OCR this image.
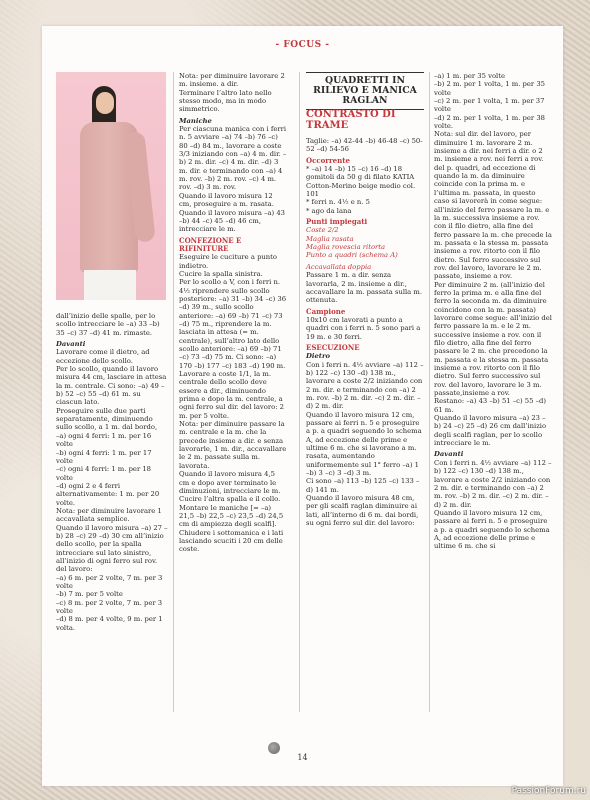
- FOCUS -

dall’inizio delle spalle, per lo scollo intrecciare le –a) 33 –b) 35 –c) 37 –d) 41 m. rimaste.

Davanti

Lavorare come il dietro, ad eccezione dello scollo.

Per lo scollo, quando il lavoro misura 44 cm, lasciare in attesa la m. centrale. Ci sono: –a) 49 –b) 52 –c) 55 –d) 61 m. su ciascun lato.

Proseguire sulle due parti separatamente, diminuendo sullo scollo, a 1 m. dal bordo,

–a) ogni 4 ferri: 1 m. per 16 volte

–b) ogni 4 ferri: 1 m. per 17 volte

–c) ogni 4 ferri: 1 m. per 18 volte

–d) ogni 2 e 4 ferri alternativamente: 1 m. per 20 volte.

Nota: per diminuire lavorare 1 accavallata semplice.

Quando il lavoro misura –a) 27 –b) 28 –c) 29 –d) 30 cm all’inizio dello scollo, per la spalla intrecciare sul lato sinistro, all’inizio di ogni ferro sul rov. del lavoro:

–a) 6 m. per 2 volte, 7 m. per 3 volte

–b) 7 m. per 5 volte

–c) 8 m. per 2 volte, 7 m. per 3 volte

–d) 8 m. per 4 volte, 9 m. per 1 volta.

Nota: per diminuire lavorare 2 m. insieme. a dir.

Terminare l’altro lato nello stesso modo, ma in modo simmetrico.

Maniche

Per ciascuna manica con i ferri n. 5 avviare –a) 74 –b) 76 –c) 80 –d) 84 m., lavorare a coste 3/3 iniziando con –a) 4 m. dir. –b) 2 m. dir. –c) 4 m. dir. –d) 3 m. dir. e terminando con –a) 4 m. rov. –b) 2 m. rov. –c) 4 m. rov. –d) 3 m. rov.

Quando il lavoro misura 12 cm, proseguire a m. rasata.

Quando il lavoro misura –a) 43 –b) 44 –c) 45 –d) 46 cm, intrecciare le m.

CONFEZIONE E RIFINITURE

Eseguire le cuciture a punto indietro.

Cucire la spalla sinistra.

Per lo scollo a V, con i ferri n. 4½ riprendere sullo scollo posteriore: –a) 31 –b) 34 –c) 36 –d) 39 m., sullo scollo anteriore: –a) 69 –b) 71 –c) 73 –d) 75 m., riprendere la m. lasciata in attesa (= m. centrale), sull’altro lato dello scollo anteriore: –a) 69 –b) 71 –c) 73 –d) 75 m. Ci sono: –a) 170 –b) 177 –c) 183 –d) 190 m.

Lavorare a coste 1/1, la m. centrale dello scollo deve essere a dir., diminuendo prima e dopo la m. centrale, a ogni ferro sul dir. del lavoro: 2 m. per 5 volte.

Nota: per diminuire passare la m. centrale e la m. che la precede insieme a dir. e senza lavorarle, 1 m. dir., accavallare le 2 m. passate sulla m. lavorata.

Quando il lavoro misura 4,5 cm e dopo aver terminato le diminuzioni, intrecciare le m.

Cucire l’altra spalla e il collo.

Montare le maniche [= –a) 21,5 –b) 22,5 –c) 23,5 –d) 24,5 cm di ampiezza degli scalfi]. Chiudere i sottomanica e i lati lasciando scuciti i 20 cm delle coste.

QUADRETTI IN RILIEVO E MANICA RAGLAN

CONTRASTO DI TRAME

Taglie: –a) 42-44 –b) 46-48 –c) 50-52 –d) 54-56

Occorrente

* –a) 14 –b) 15 –c) 16 –d) 18 gomitoli da 50 g di filato KATIA Cotton-Merino beige medio col. 101

* ferri n. 4½ e n. 5

* ago da lana

Punti impiegati

Coste 2/2

Maglia rasata

Maglia rovescia ritorta

Punto a quadri (schema A)

Accavallata doppia

Passare 1 m. a dir. senza lavorarla, 2 m. insieme a dir., accavallare la m. passata sulla m. ottenuta.

Campione

10x10 cm lavorati a punto a quadri con i ferri n. 5 sono pari a 19 m. e 30 ferri.

ESECUZIONE

Dietro

Con i ferri n. 4½ avviare –a) 112 –b) 122 –c) 130 –d) 138 m., lavorare a coste 2/2 iniziando con 2 m. dir. e terminando con –a) 2 m. rov. –b) 2 m. dir. –c) 2 m. dir. –d) 2 m. dir.

Quando il lavoro misura 12 cm, passare ai ferri n. 5 e proseguire a p. a quadri seguendo lo schema A, ad eccezione delle prime e ultime 6 m. che si lavorano a m. rasata, aumentando uniformemente sul 1° ferro –a) 1 –b) 3 –c) 3 –d) 3 m.

Ci sono –a) 113 –b) 125 –c) 133 –d) 141 m.

Quando il lavoro misura 48 cm, per gli scalfi raglan diminuire ai lati, all’interno di 6 m. dai bordi, su ogni ferro sul dir. del lavoro:

–a) 1 m. per 35 volte

–b) 2 m. per 1 volta, 1 m. per 35 volte

–c) 2 m. per 1 volta, 1 m. per 37 volte

–d) 2 m. per 1 volta, 1 m. per 38 volte.

Nota: sul dir. del lavoro, per diminuire 1 m. lavorare 2 m. insieme a dir. nei ferri a dir. o 2 m. insieme a rov. nei ferri a rov. del p. quadri, ad eccezione di quando la m. da diminuire coincide con la prima m. e l’ultima m. passata, in questo caso si lavorerà in come segue: all’inizio del ferro passare la m. e la m. successiva insieme a rov. con il filo dietro, alla fine del ferro passare la m. che precede la m. passata e la stessa m. passata insieme a rov. ritorto con il filo dietro. Sul ferro successivo sul rov. del lavoro, lavorare le 2 m. passate, insieme a rov.

Per diminuire 2 m. (all’inizio del ferro la prima m. e alla fine del ferro la seconda m. da diminuire coincidono con la m. passata) lavorare come segue: all’inizio del ferro passare la m. e le 2 m. successive insieme a rov. con il filo dietro, alla fine del ferro passare le 2 m. che precedono la m. passata e la stessa m. passata insieme a rov. ritorto con il filo dietro. Sul ferro successivo sul rov. del lavoro, lavorare le 3 m. passate,insieme a rov.

Restano: –a) 43 –b) 51 –c) 55 –d) 61 m.

Quando il lavoro misura –a) 23 –b) 24 –c) 25 –d) 26 cm dall’inizio degli scalfi raglan, per lo scollo intrecciare le m.

Davanti

Con i ferri n. 4½ avviare –a) 112 –b) 122 –c) 130 –d) 138 m., lavorare a coste 2/2 iniziando con 2 m. dir. e terminando con –a) 2 m. rov. –b) 2 m. dir. –c) 2 m. dir. –d) 2 m. dir.

Quando il lavoro misura 12 cm, passare ai ferri n. 5 e proseguire a p. a quadri seguendo lo schema A, ad eccezione delle prime e ultime 6 m. che si

14
PassionForum.ru
